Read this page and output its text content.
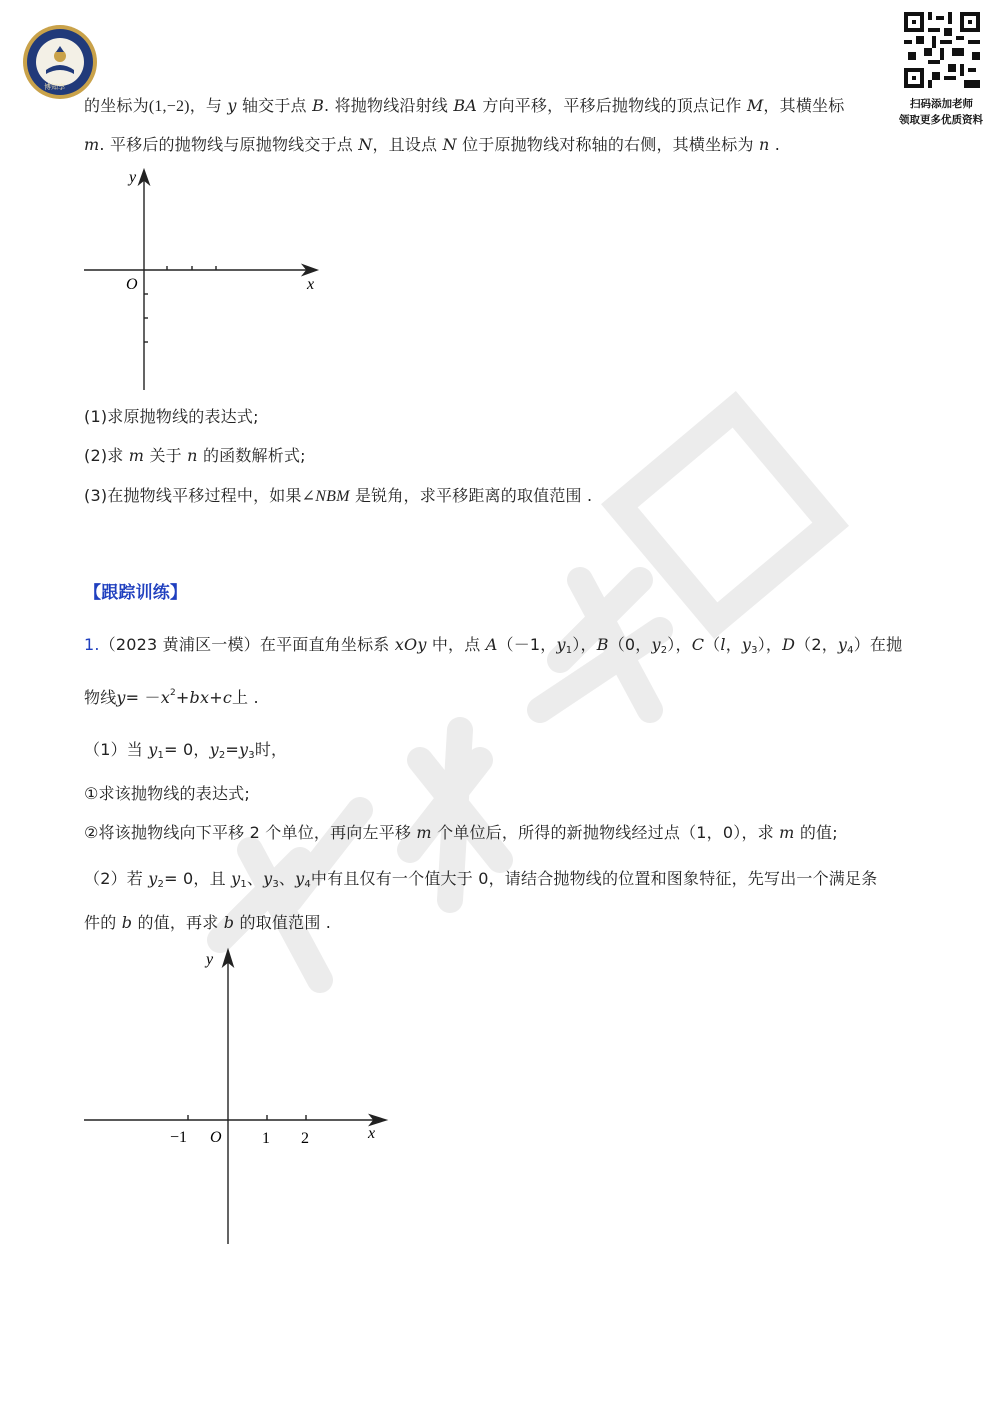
博知享
扫码添加老师
领取更多优质资料
的坐标为(1,−2)，与 y 轴交于点 B. 将抛物线沿射线 BA 方向平移，平移后抛物线的顶点记作 M，其横坐标
m. 平移后的抛物线与原抛物线交于点 N，且设点 N 位于原抛物线对称轴的右侧，其横坐标为 n .
y
x
O
(1)求原抛物线的表达式;
(2)求 m 关于 n 的函数解析式;
(3)在抛物线平移过程中，如果∠NBM 是锐角，求平移距离的取值范围 .
【跟踪训练】
1.（2023 黄浦区一模）在平面直角坐标系 xOy 中，点 A（－1，$y_1$），B（0，$y_2$），C（l，$y_3$），D（2，$y_4$）在抛
物线$y= -x^2+bx+c$上 .
（1）当 $y_1= 0$，$y_2=y_3$时，
①求该抛物线的表达式;
②将该抛物线向下平移 2 个单位，再向左平移 m 个单位后，所得的新抛物线经过点（1，0），求 m 的值;
（2）若 $y_2= 0$，且 $y_1$、$y_3$、$y_4$中有且仅有一个值大于 0，请结合抛物线的位置和图象特征，先写出一个满足条
件的 b 的值，再求 b 的取值范围 .
y
x
O
−1	1 2
